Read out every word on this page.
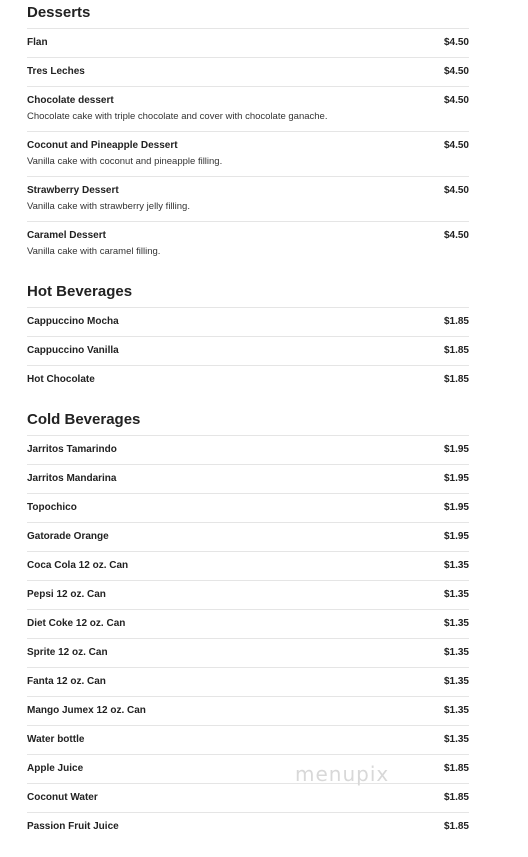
Desserts
Flan	$4.50
Tres Leches	$4.50
Chocolate dessert	$4.50
Chocolate cake with triple chocolate and cover with chocolate ganache.
Coconut and Pineapple Dessert	$4.50
Vanilla cake with coconut and pineapple filling.
Strawberry Dessert	$4.50
Vanilla cake with strawberry jelly filling.
Caramel Dessert	$4.50
Vanilla cake with caramel filling.
Hot Beverages
Cappuccino Mocha	$1.85
Cappuccino Vanilla	$1.85
Hot Chocolate	$1.85
Cold Beverages
Jarritos Tamarindo	$1.95
Jarritos Mandarina	$1.95
Topochico	$1.95
Gatorade Orange	$1.95
Coca Cola 12 oz. Can	$1.35
Pepsi 12 oz. Can	$1.35
Diet Coke 12 oz. Can	$1.35
Sprite 12 oz. Can	$1.35
Fanta 12 oz. Can	$1.35
Mango Jumex 12 oz. Can	$1.35
Water bottle	$1.35
Apple Juice	$1.85
Coconut Water	$1.85
Passion Fruit Juice	$1.85
menupix
